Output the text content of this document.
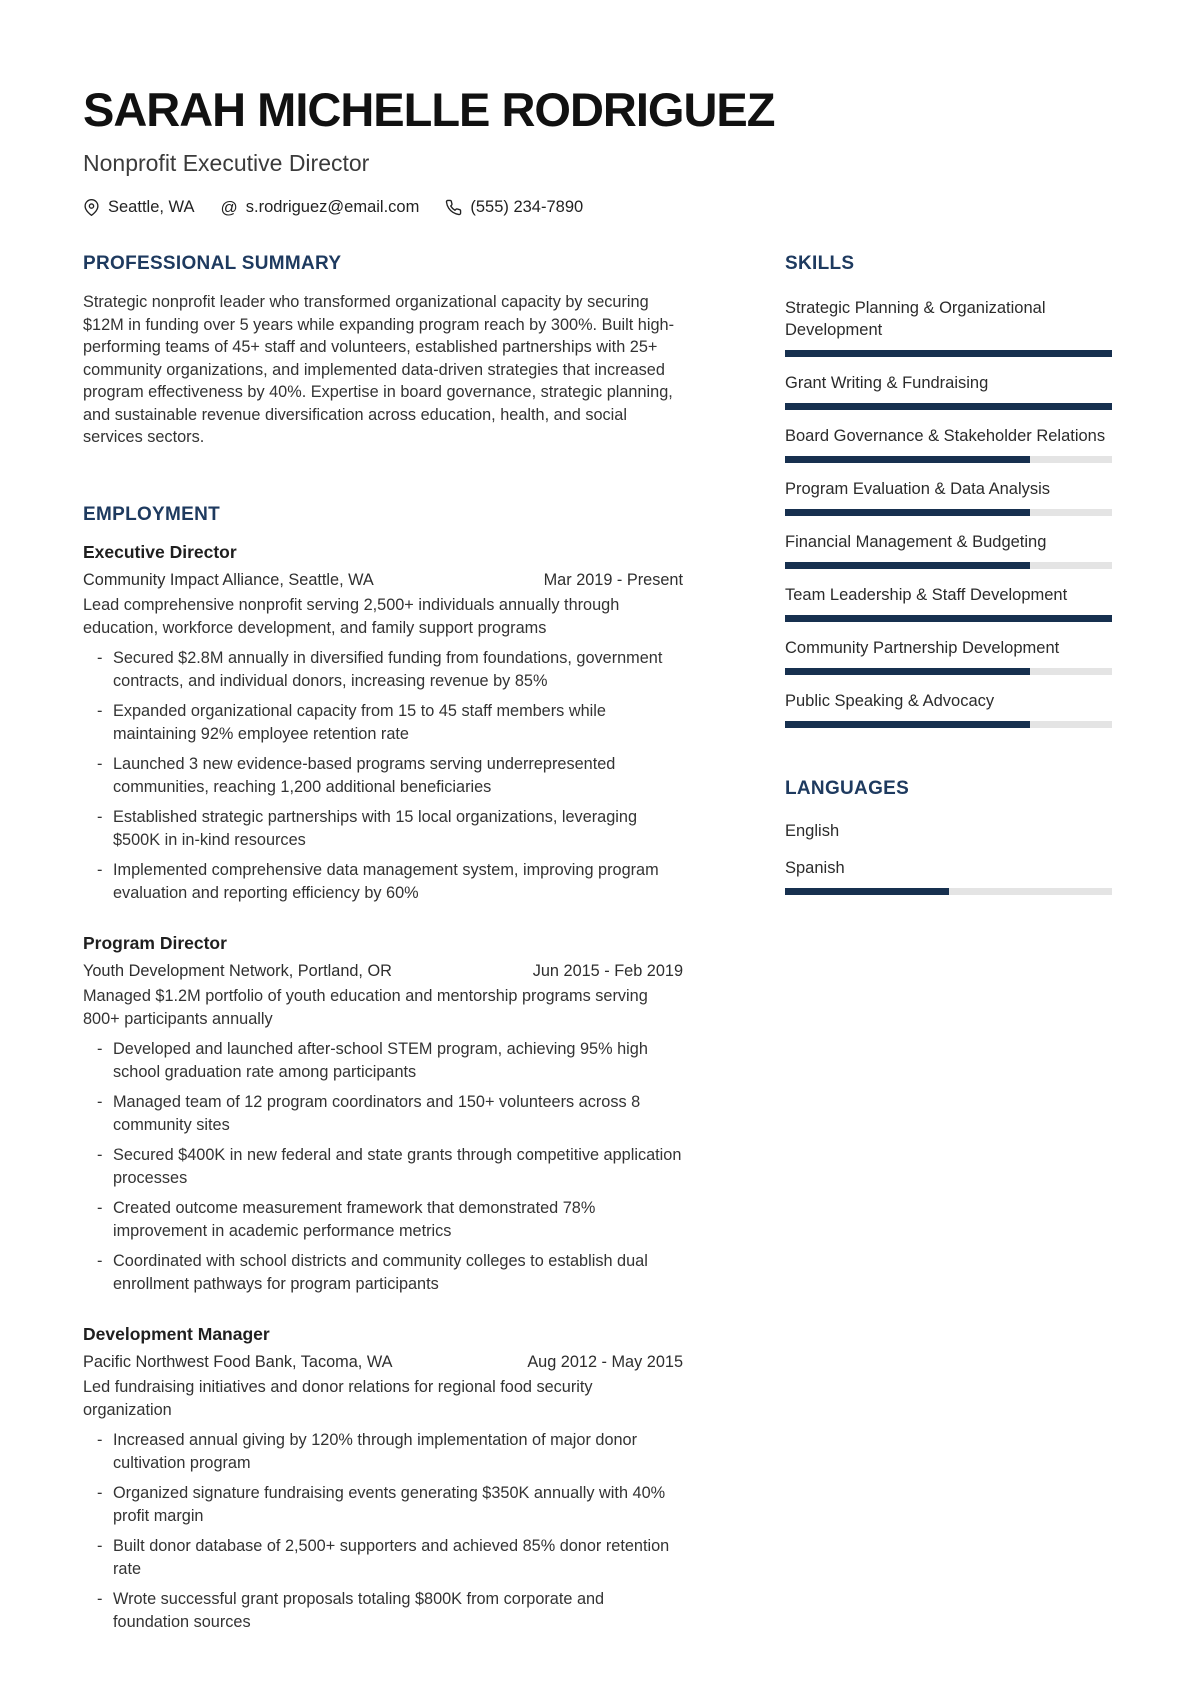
SARAH MICHELLE RODRIGUEZ
Nonprofit Executive Director
Seattle, WA @ s.rodriguez@email.com	(555) 234-7890
PROFESSIONAL SUMMARY

Strategic nonprofit leader who transformed organizational capacity by securing $12M in funding over 5 years while expanding program reach by 300%. Built high-performing teams of 45+ staff and volunteers, established partnerships with 25+ community organizations, and implemented data-driven strategies that increased program effectiveness by 40%. Expertise in board governance, strategic planning, and sustainable revenue diversification across education, health, and social services sectors.

EMPLOYMENT
Executive Director
Community Impact Alliance, Seattle, WA	Mar 2019 - Present
Lead comprehensive nonprofit serving 2,500+ individuals annually through education, workforce development, and family support programs
- Secured $2.8M annually in diversified funding from foundations, government contracts, and individual donors, increasing revenue by 85%
- Expanded organizational capacity from 15 to 45 staff members while maintaining 92% employee retention rate
- Launched 3 new evidence-based programs serving underrepresented communities, reaching 1,200 additional beneficiaries
- Established strategic partnerships with 15 local organizations, leveraging $500K in in-kind resources
- Implemented comprehensive data management system, improving program evaluation and reporting efficiency by 60%
Program Director
Youth Development Network, Portland, OR	Jun 2015 - Feb 2019
Managed $1.2M portfolio of youth education and mentorship programs serving 800+ participants annually
- Developed and launched after-school STEM program, achieving 95% high school graduation rate among participants
- Managed team of 12 program coordinators and 150+ volunteers across 8 community sites
- Secured $400K in new federal and state grants through competitive application processes
- Created outcome measurement framework that demonstrated 78% improvement in academic performance metrics
- Coordinated with school districts and community colleges to establish dual enrollment pathways for program participants
Development Manager
Pacific Northwest Food Bank, Tacoma, WA	Aug 2012 - May 2015
Led fundraising initiatives and donor relations for regional food security organization
- Increased annual giving by 120% through implementation of major donor cultivation program
- Organized signature fundraising events generating $350K annually with 40% profit margin
- Built donor database of 2,500+ supporters and achieved 85% donor retention rate
- Wrote successful grant proposals totaling $800K from corporate and foundation sources
SKILLS
Strategic Planning & Organizational Development
Grant Writing & Fundraising
Board Governance & Stakeholder Relations
Program Evaluation & Data Analysis
Financial Management & Budgeting
Team Leadership & Staff Development
Community Partnership Development
Public Speaking & Advocacy
LANGUAGES
English
Spanish
